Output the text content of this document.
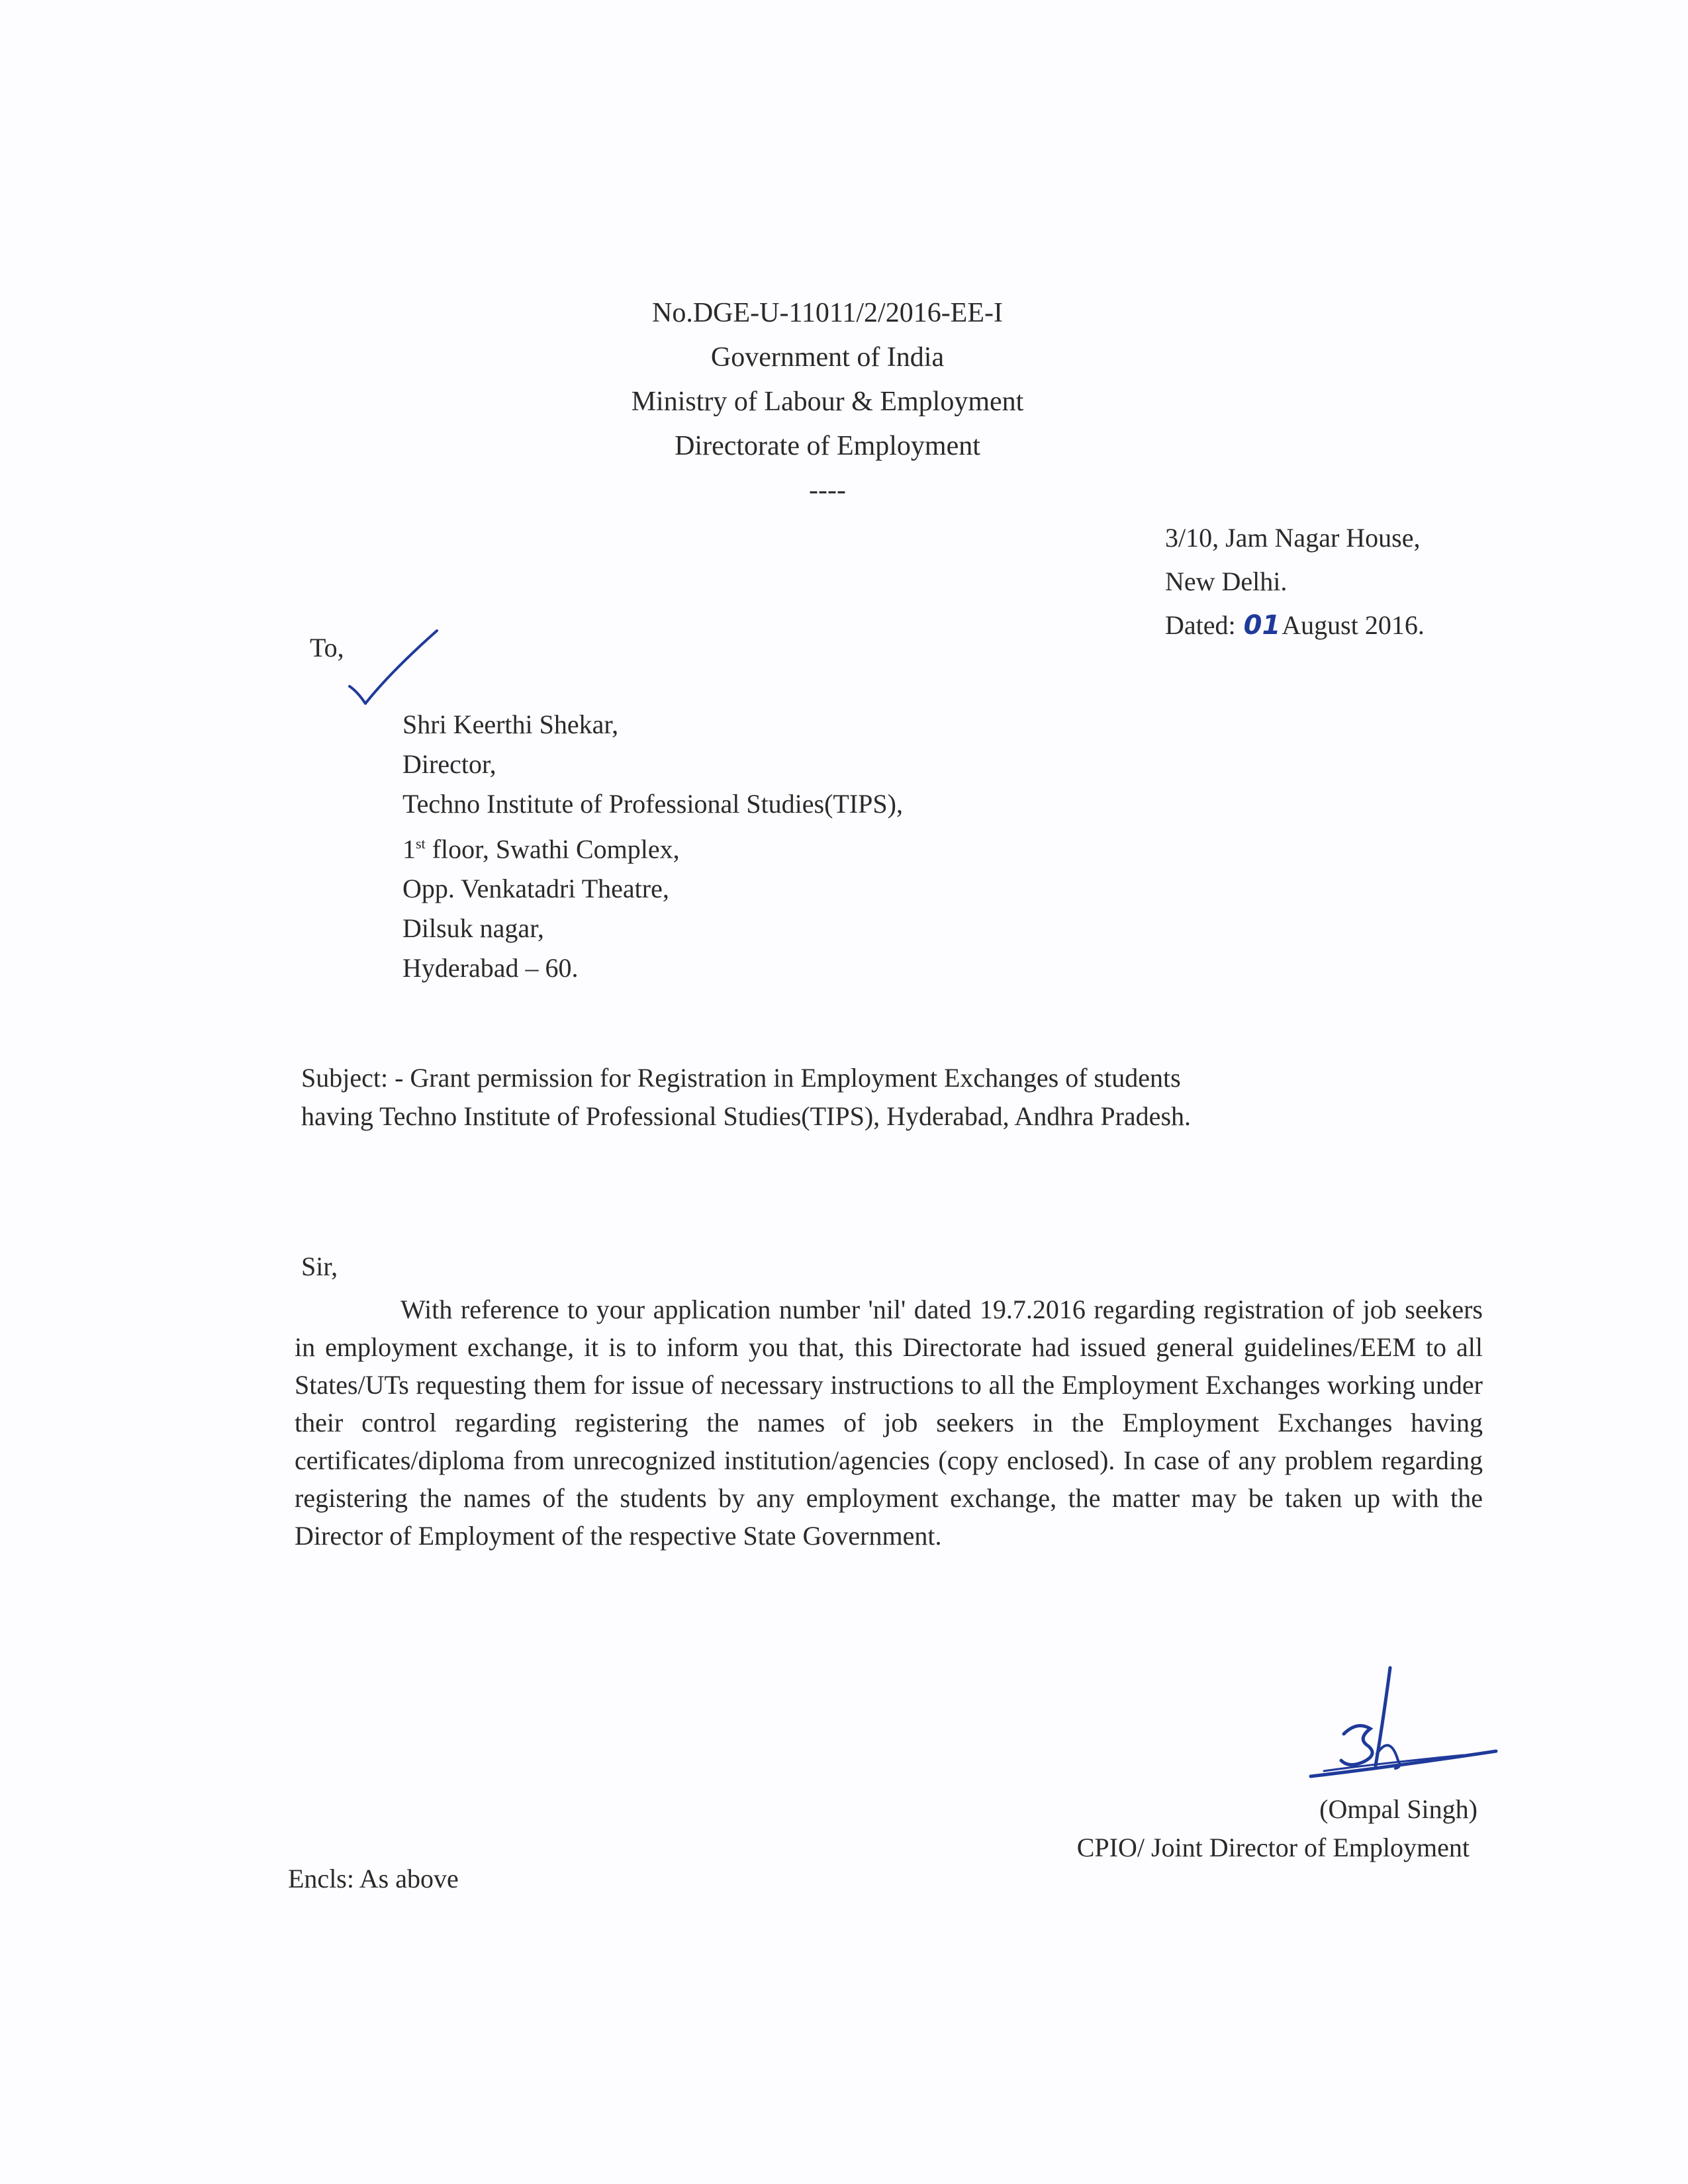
No.DGE-U-11011/2/2016-EE-I
Government of India
Ministry of Labour & Employment
Directorate of Employment
----
3/10, Jam Nagar House,
New Delhi.
Dated: 01August 2016.
To,
Shri Keerthi Shekar,
Director,
Techno Institute of Professional Studies(TIPS),
1st floor, Swathi Complex,
Opp. Venkatadri Theatre,
Dilsuk nagar,
Hyderabad – 60.
Subject: - Grant permission for Registration in Employment Exchanges of students
having Techno Institute of Professional Studies(TIPS), Hyderabad, Andhra Pradesh.
Sir,
With reference to your application number 'nil' dated 19.7.2016 regarding registration of job seekers in employment exchange, it is to inform you that, this Directorate had issued general guidelines/EEM to all States/UTs requesting them for issue of necessary instructions to all the Employment Exchanges working under their control regarding registering the names of job seekers in the Employment Exchanges having certificates/diploma from unrecognized institution/agencies (copy enclosed). In case of any problem regarding registering the names of the students by any employment exchange, the matter may be taken up with the Director of Employment of the respective State Government.
(Ompal Singh)
CPIO/ Joint Director of Employment
Encls: As above
